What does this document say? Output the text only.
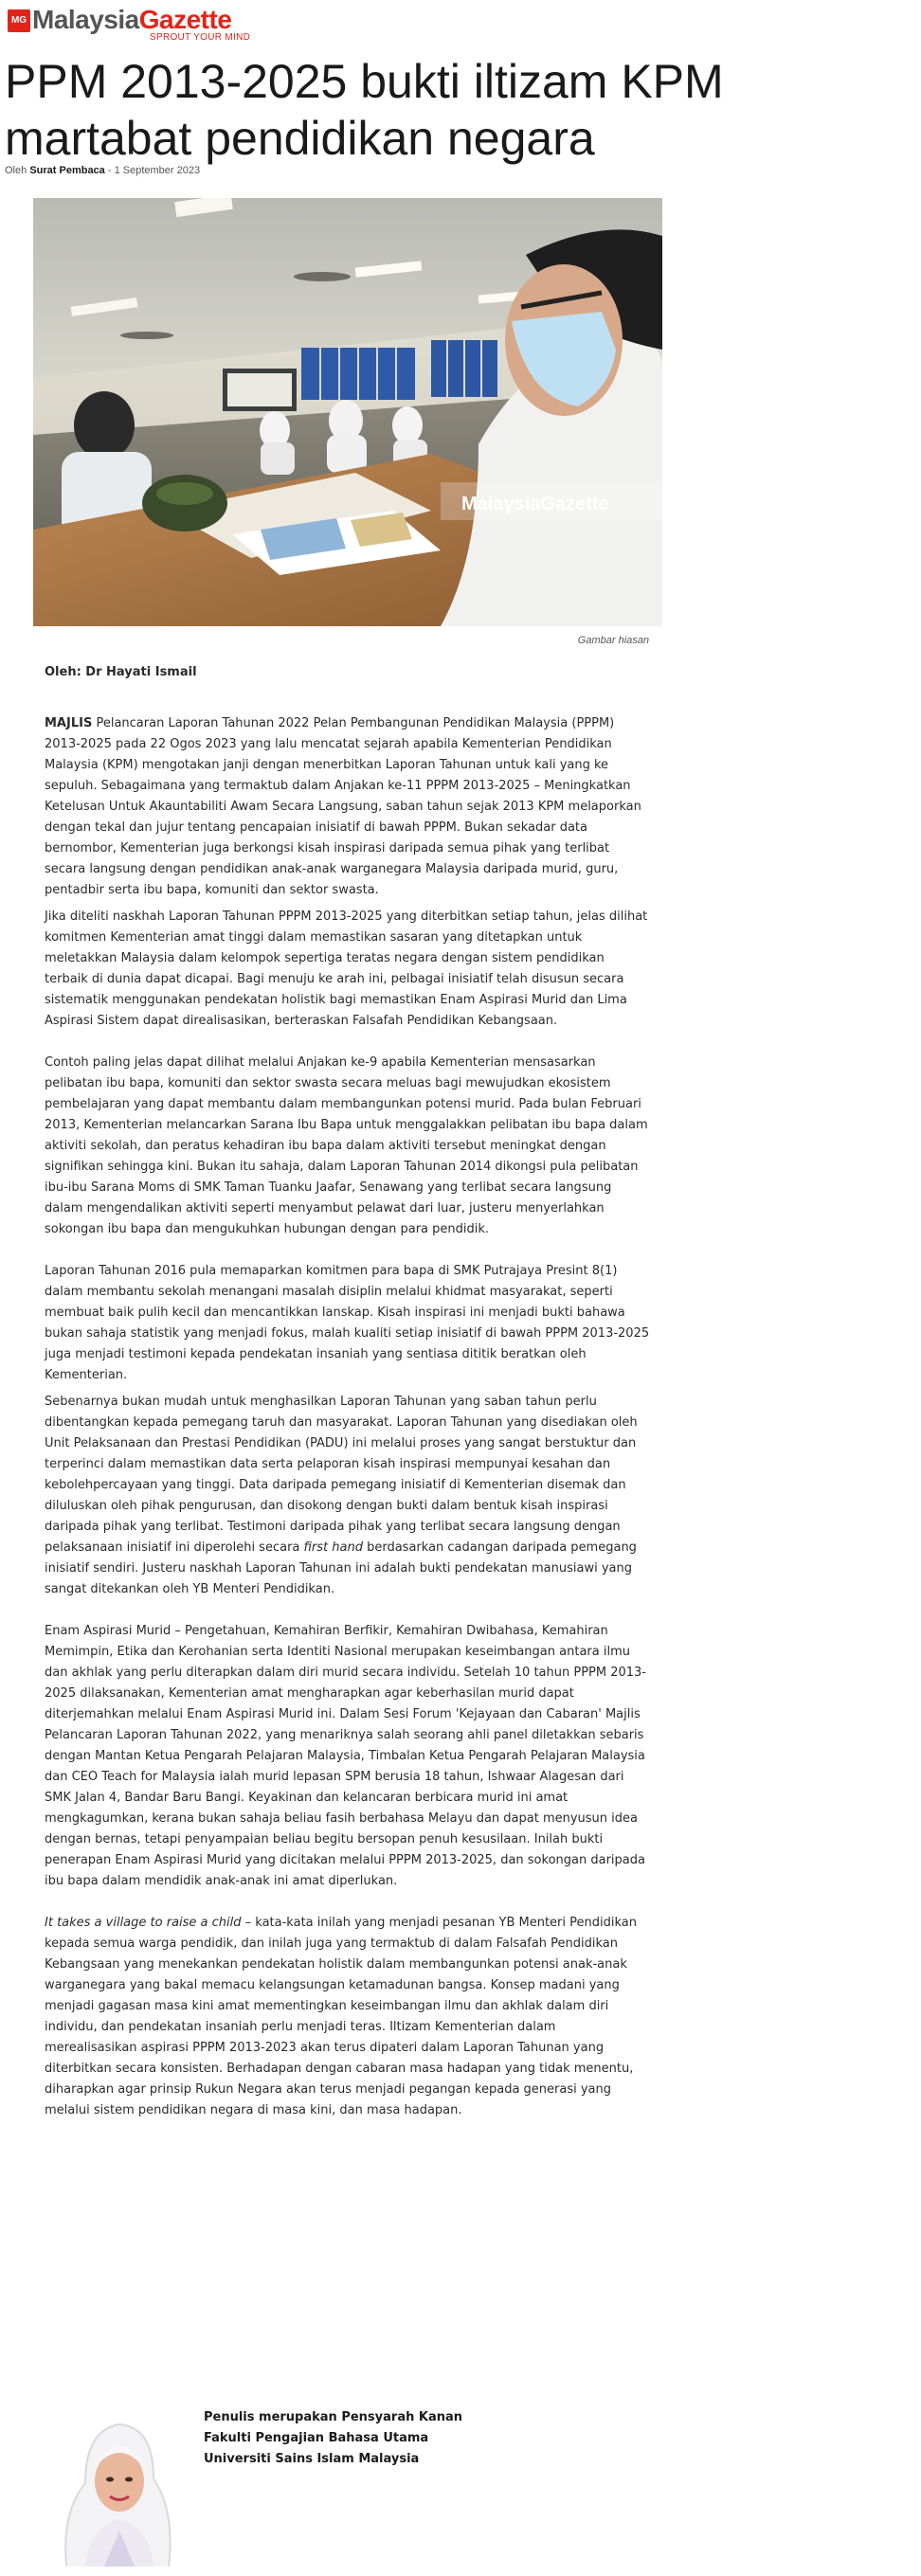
MG MalaysiaGazette
SPROUT YOUR MIND
PPM 2013-2025 bukti iltizam KPM martabat pendidikan negara
Oleh Surat Pembaca - 1 September 2023
MalaysiaGazette
Gambar hiasan

Oleh: Dr Hayati Ismail

MAJLIS Pelancaran Laporan Tahunan 2022 Pelan Pembangunan Pendidikan Malaysia (PPPM) 2013-2025 pada 22 Ogos 2023 yang lalu mencatat sejarah apabila Kementerian Pendidikan Malaysia (KPM) mengotakan janji dengan menerbitkan Laporan Tahunan untuk kali yang ke sepuluh. Sebagaimana yang termaktub dalam Anjakan ke-11 PPPM 2013-2025 – Meningkatkan Ketelusan Untuk Akauntabiliti Awam Secara Langsung, saban tahun sejak 2013 KPM melaporkan dengan tekal dan jujur tentang pencapaian inisiatif di bawah PPPM. Bukan sekadar data bernombor, Kementerian juga berkongsi kisah inspirasi daripada semua pihak yang terlibat secara langsung dengan pendidikan anak-anak warganegara Malaysia daripada murid, guru, pentadbir serta ibu bapa, komuniti dan sektor swasta.

Jika diteliti naskhah Laporan Tahunan PPPM 2013-2025 yang diterbitkan setiap tahun, jelas dilihat komitmen Kementerian amat tinggi dalam memastikan sasaran yang ditetapkan untuk meletakkan Malaysia dalam kelompok sepertiga teratas negara dengan sistem pendidikan terbaik di dunia dapat dicapai. Bagi menuju ke arah ini, pelbagai inisiatif telah disusun secara sistematik menggunakan pendekatan holistik bagi memastikan Enam Aspirasi Murid dan Lima Aspirasi Sistem dapat direalisasikan, berteraskan Falsafah Pendidikan Kebangsaan.

Contoh paling jelas dapat dilihat melalui Anjakan ke-9 apabila Kementerian mensasarkan pelibatan ibu bapa, komuniti dan sektor swasta secara meluas bagi mewujudkan ekosistem pembelajaran yang dapat membantu dalam membangunkan potensi murid. Pada bulan Februari 2013, Kementerian melancarkan Sarana Ibu Bapa untuk menggalakkan pelibatan ibu bapa dalam aktiviti sekolah, dan peratus kehadiran ibu bapa dalam aktiviti tersebut meningkat dengan signifikan sehingga kini. Bukan itu sahaja, dalam Laporan Tahunan 2014 dikongsi pula pelibatan ibu-ibu Sarana Moms di SMK Taman Tuanku Jaafar, Senawang yang terlibat secara langsung dalam mengendalikan aktiviti seperti menyambut pelawat dari luar, justeru menyerlahkan sokongan ibu bapa dan mengukuhkan hubungan dengan para pendidik.

Laporan Tahunan 2016 pula memaparkan komitmen para bapa di SMK Putrajaya Presint 8(1) dalam membantu sekolah menangani masalah disiplin melalui khidmat masyarakat, seperti membuat baik pulih kecil dan mencantikkan lanskap. Kisah inspirasi ini menjadi bukti bahawa bukan sahaja statistik yang menjadi fokus, malah kualiti setiap inisiatif di bawah PPPM 2013-2025 juga menjadi testimoni kepada pendekatan insaniah yang sentiasa dititik beratkan oleh Kementerian.

Sebenarnya bukan mudah untuk menghasilkan Laporan Tahunan yang saban tahun perlu dibentangkan kepada pemegang taruh dan masyarakat. Laporan Tahunan yang disediakan oleh Unit Pelaksanaan dan Prestasi Pendidikan (PADU) ini melalui proses yang sangat berstuktur dan terperinci dalam memastikan data serta pelaporan kisah inspirasi mempunyai kesahan dan kebolehpercayaan yang tinggi. Data daripada pemegang inisiatif di Kementerian disemak dan diluluskan oleh pihak pengurusan, dan disokong dengan bukti dalam bentuk kisah inspirasi daripada pihak yang terlibat. Testimoni daripada pihak yang terlibat secara langsung dengan pelaksanaan inisiatif ini diperolehi secara first hand berdasarkan cadangan daripada pemegang inisiatif sendiri. Justeru naskhah Laporan Tahunan ini adalah bukti pendekatan manusiawi yang sangat ditekankan oleh YB Menteri Pendidikan.

Enam Aspirasi Murid – Pengetahuan, Kemahiran Berfikir, Kemahiran Dwibahasa, Kemahiran Memimpin, Etika dan Kerohanian serta Identiti Nasional merupakan keseimbangan antara ilmu dan akhlak yang perlu diterapkan dalam diri murid secara individu. Setelah 10 tahun PPPM 2013-2025 dilaksanakan, Kementerian amat mengharapkan agar keberhasilan murid dapat diterjemahkan melalui Enam Aspirasi Murid ini. Dalam Sesi Forum 'Kejayaan dan Cabaran' Majlis Pelancaran Laporan Tahunan 2022, yang menariknya salah seorang ahli panel diletakkan sebaris dengan Mantan Ketua Pengarah Pelajaran Malaysia, Timbalan Ketua Pengarah Pelajaran Malaysia dan CEO Teach for Malaysia ialah murid lepasan SPM berusia 18 tahun, Ishwaar Alagesan dari SMK Jalan 4, Bandar Baru Bangi. Keyakinan dan kelancaran berbicara murid ini amat mengkagumkan, kerana bukan sahaja beliau fasih berbahasa Melayu dan dapat menyusun idea dengan bernas, tetapi penyampaian beliau begitu bersopan penuh kesusilaan. Inilah bukti penerapan Enam Aspirasi Murid yang dicitakan melalui PPPM 2013-2025, dan sokongan daripada ibu bapa dalam mendidik anak-anak ini amat diperlukan.

It takes a village to raise a child – kata-kata inilah yang menjadi pesanan YB Menteri Pendidikan kepada semua warga pendidik, dan inilah juga yang termaktub di dalam Falsafah Pendidikan Kebangsaan yang menekankan pendekatan holistik dalam membangunkan potensi anak-anak warganegara yang bakal memacu kelangsungan ketamadunan bangsa. Konsep madani yang menjadi gagasan masa kini amat mementingkan keseimbangan ilmu dan akhlak dalam diri individu, dan pendekatan insaniah perlu menjadi teras. Iltizam Kementerian dalam merealisasikan aspirasi PPPM 2013-2023 akan terus dipateri dalam Laporan Tahunan yang diterbitkan secara konsisten. Berhadapan dengan cabaran masa hadapan yang tidak menentu, diharapkan agar prinsip Rukun Negara akan terus menjadi pegangan kepada generasi yang melalui sistem pendidikan negara di masa kini, dan masa hadapan.

Penulis merupakan Pensyarah Kanan
Fakulti Pengajian Bahasa Utama
Universiti Sains Islam Malaysia
